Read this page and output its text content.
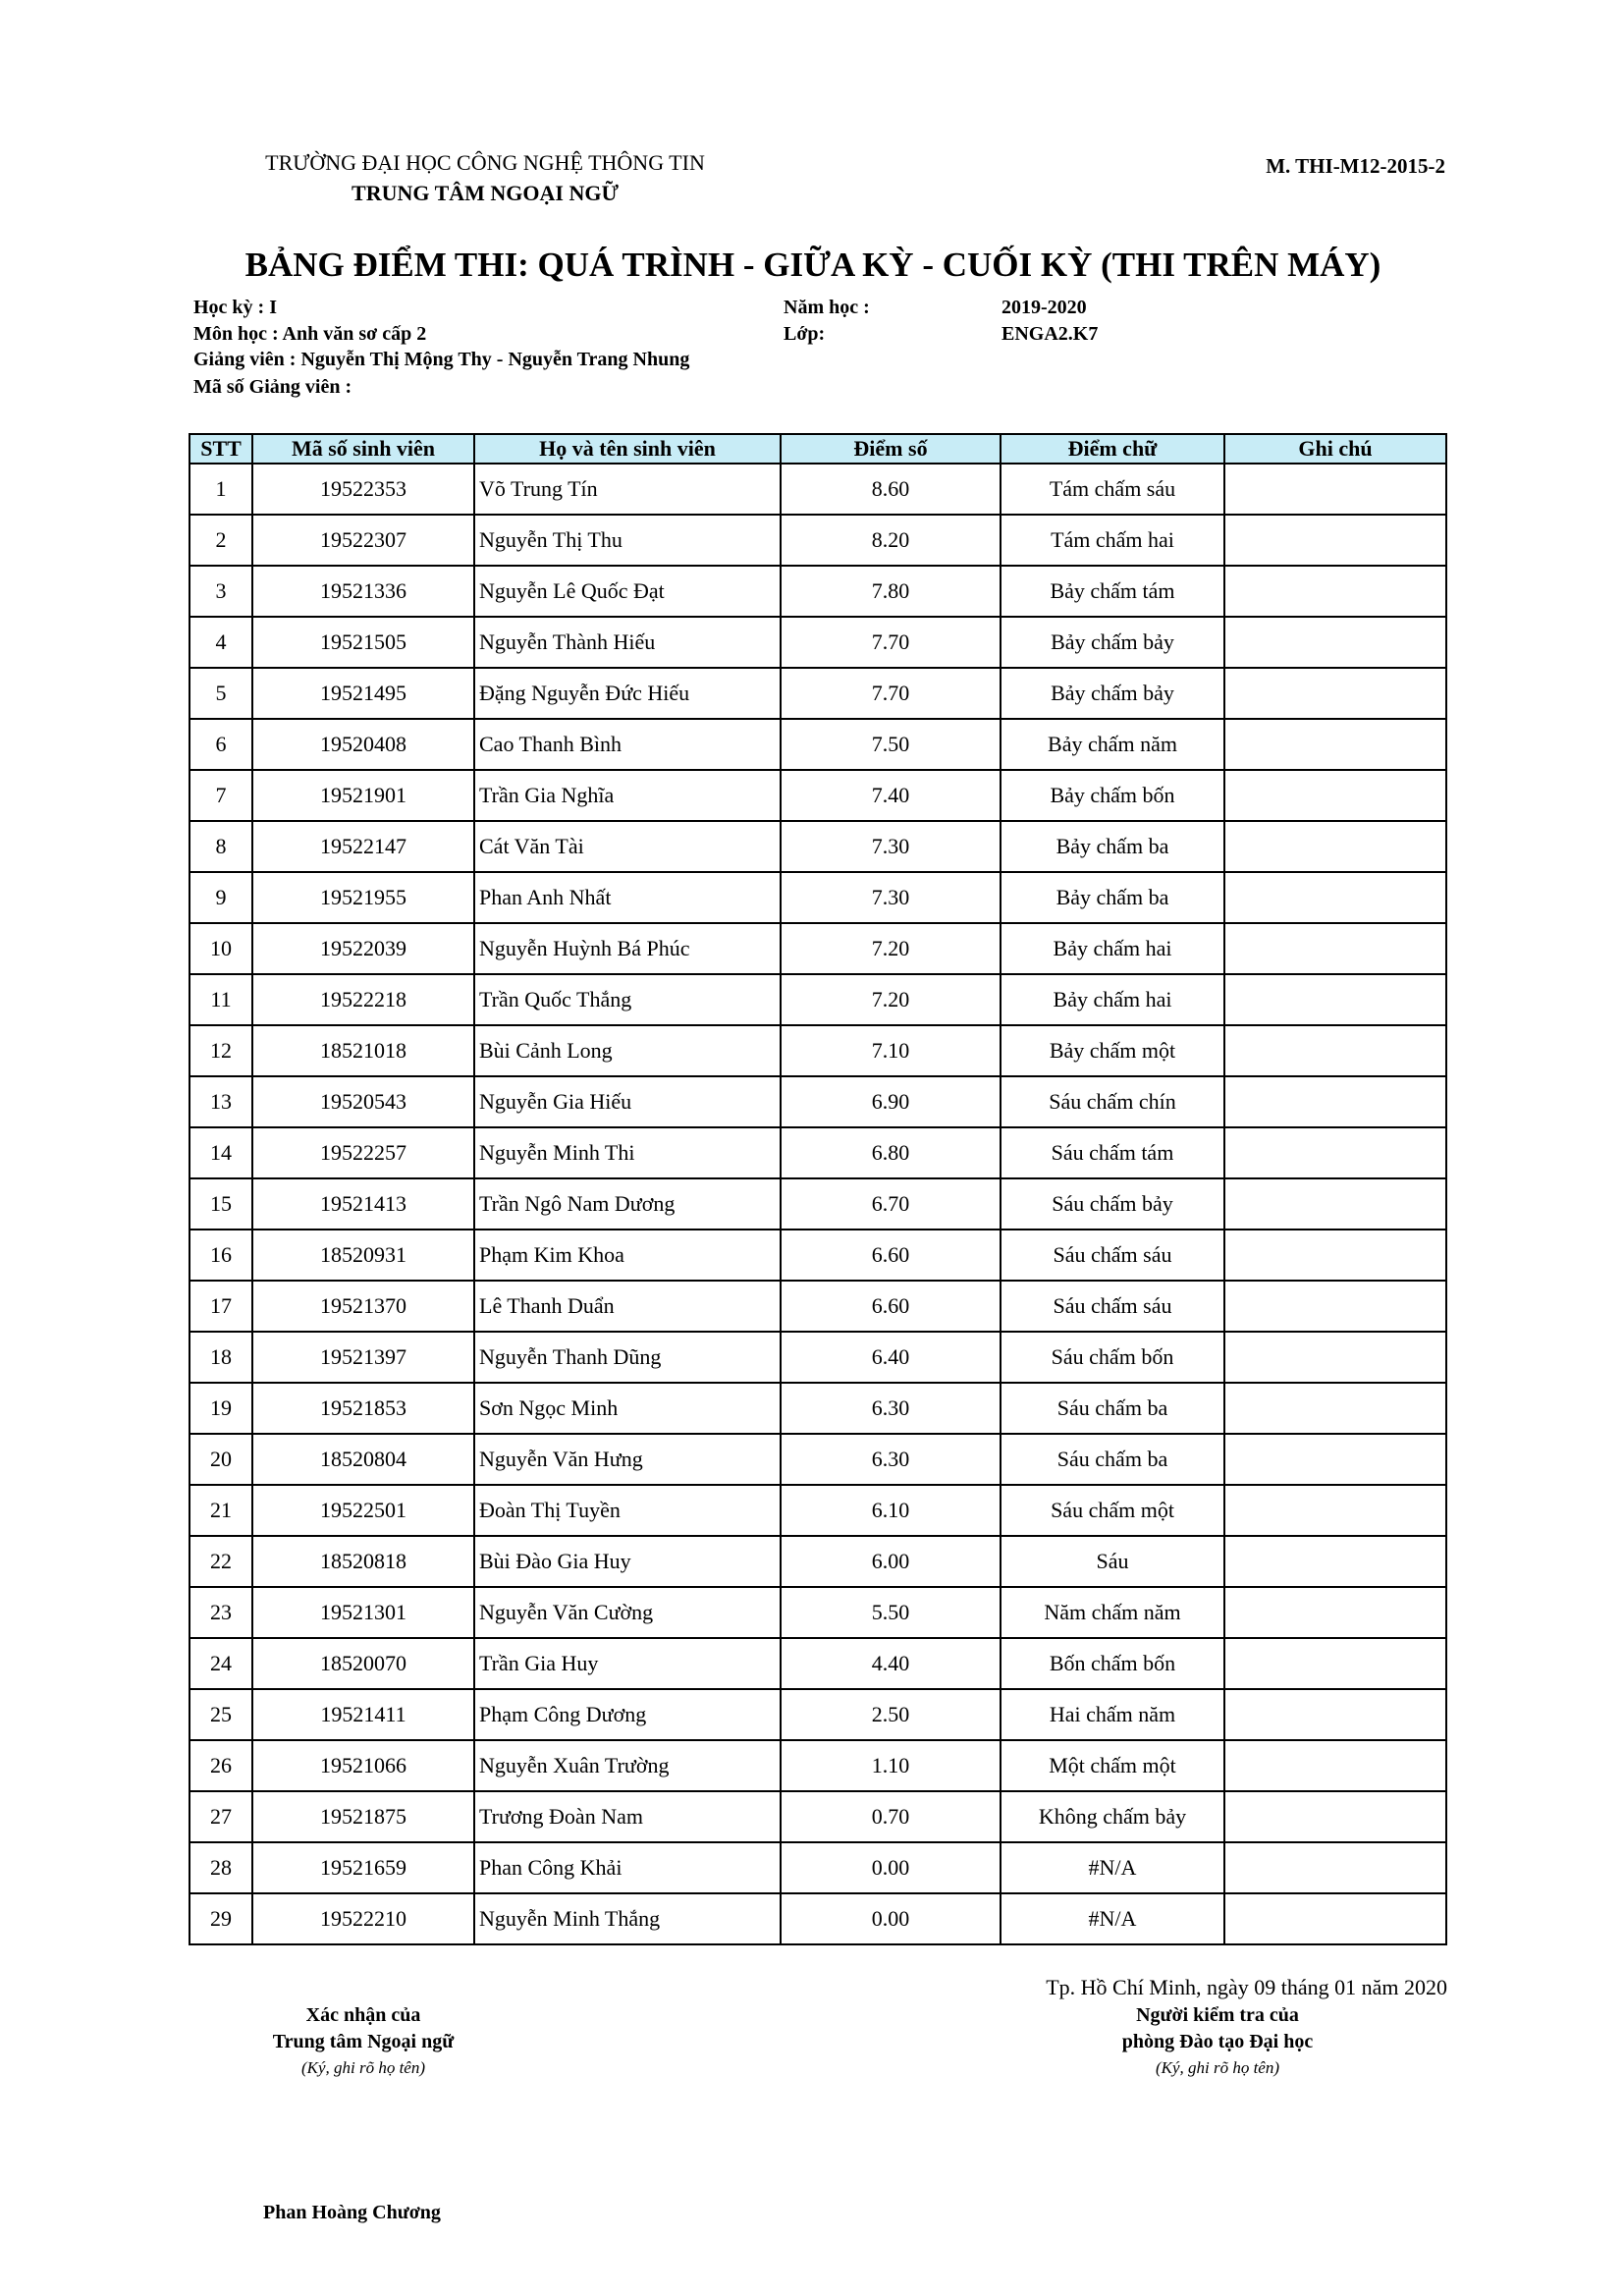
TRƯỜNG ĐẠI HỌC CÔNG NGHỆ THÔNG TIN
TRUNG TÂM NGOẠI NGỮ
M. THI-M12-2015-2
BẢNG ĐIỂM THI: QUÁ TRÌNH - GIỮA KỲ - CUỐI KỲ (THI TRÊN MÁY)
Học kỳ : I
Môn học : Anh văn sơ cấp 2
Giảng viên : Nguyễn Thị Mộng Thy - Nguyễn Trang Nhung
Mã số Giảng viên :
Năm học :	2019-2020
Lớp:	ENGA2.K7
STT	Mã số sinh viên	Họ và tên sinh viên	Điểm số	Điểm chữ	Ghi chú
1	19522353	Võ Trung Tín	8.60	Tám chấm sáu	
2	19522307	Nguyễn Thị Thu	8.20	Tám chấm hai	
3	19521336	Nguyễn Lê Quốc Đạt	7.80	Bảy chấm tám	
4	19521505	Nguyễn Thành Hiếu	7.70	Bảy chấm bảy	
5	19521495	Đặng Nguyễn Đức Hiếu	7.70	Bảy chấm bảy	
6	19520408	Cao Thanh Bình	7.50	Bảy chấm năm	
7	19521901	Trần Gia Nghĩa	7.40	Bảy chấm bốn	
8	19522147	Cát Văn Tài	7.30	Bảy chấm ba	
9	19521955	Phan Anh Nhất	7.30	Bảy chấm ba	
10	19522039	Nguyễn Huỳnh Bá Phúc	7.20	Bảy chấm hai	
11	19522218	Trần Quốc Thắng	7.20	Bảy chấm hai	
12	18521018	Bùi Cảnh Long	7.10	Bảy chấm một	
13	19520543	Nguyễn Gia Hiếu	6.90	Sáu chấm chín	
14	19522257	Nguyễn Minh Thi	6.80	Sáu chấm tám	
15	19521413	Trần Ngô Nam Dương	6.70	Sáu chấm bảy	
16	18520931	Phạm Kim Khoa	6.60	Sáu chấm sáu	
17	19521370	Lê Thanh Duẩn	6.60	Sáu chấm sáu	
18	19521397	Nguyễn Thanh Dũng	6.40	Sáu chấm bốn	
19	19521853	Sơn Ngọc Minh	6.30	Sáu chấm ba	
20	18520804	Nguyễn Văn Hưng	6.30	Sáu chấm ba	
21	19522501	Đoàn Thị Tuyền	6.10	Sáu chấm một	
22	18520818	Bùi Đào Gia Huy	6.00	Sáu	
23	19521301	Nguyễn Văn Cường	5.50	Năm chấm năm	
24	18520070	Trần Gia Huy	4.40	Bốn chấm bốn	
25	19521411	Phạm Công Dương	2.50	Hai chấm năm	
26	19521066	Nguyễn Xuân Trường	1.10	Một chấm một	
27	19521875	Trương Đoàn Nam	0.70	Không chấm bảy	
28	19521659	Phan Công Khải	0.00	#N/A	
29	19522210	Nguyễn Minh Thắng	0.00	#N/A	
Tp. Hồ Chí Minh, ngày 09 tháng 01 năm 2020
Xác nhận của
Trung tâm Ngoại ngữ
(Ký, ghi rõ họ tên)
Người kiểm tra của
phòng Đào tạo Đại học
(Ký, ghi rõ họ tên)
Phan Hoàng Chương
